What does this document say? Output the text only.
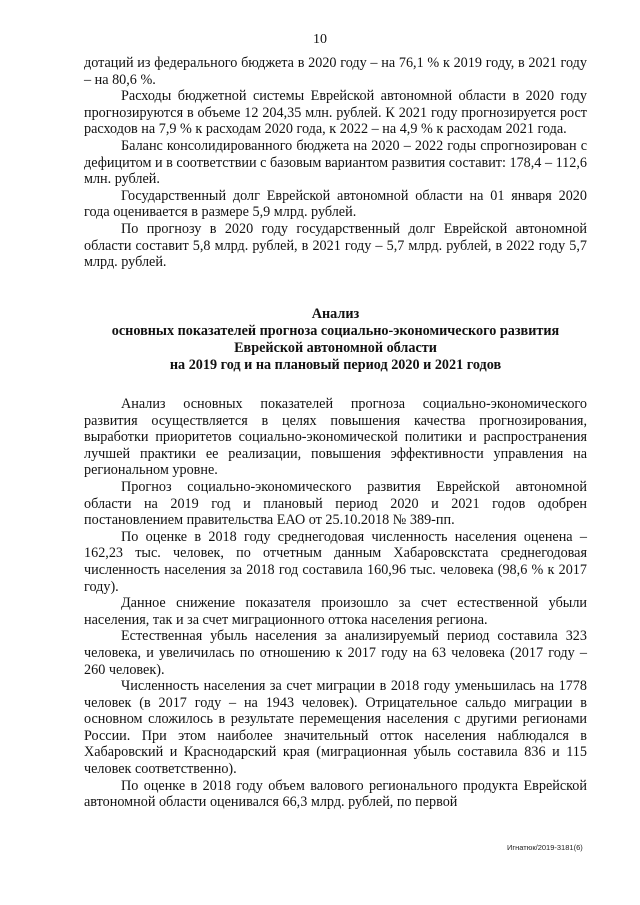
10

дотаций из федерального бюджета в 2020 году – на 76,1 % к 2019 году, в 2021 году – на 80,6 %.

Расходы бюджетной системы Еврейской автономной области в 2020 году прогнозируются в объеме 12 204,35 млн. рублей. К 2021 году прогнозируется рост расходов на 7,9 % к расходам 2020 года, к 2022 – на 4,9 % к расходам 2021 года.

Баланс консолидированного бюджета на 2020 – 2022 годы спрогнозирован с дефицитом и в соответствии с базовым вариантом развития составит: 178,4 – 112,6 млн. рублей.

Государственный долг Еврейской автономной области на 01 января 2020 года оценивается в размере 5,9 млрд. рублей.

По прогнозу в 2020 году государственный долг Еврейской автономной области составит 5,8 млрд. рублей, в 2021 году – 5,7 млрд. рублей, в 2022 году 5,7 млрд. рублей.

Анализ
основных показателей прогноза социально-экономического развития
Еврейской автономной области
на 2019 год и на плановый период 2020 и 2021 годов

Анализ основных показателей прогноза социально-экономического развития осуществляется в целях повышения качества прогнозирования, выработки приоритетов социально-экономической политики и распространения лучшей практики ее реализации, повышения эффективности управления на региональном уровне.

Прогноз социально-экономического развития Еврейской автономной области на 2019 год и плановый период 2020 и 2021 годов одобрен постановлением правительства ЕАО от 25.10.2018 № 389-пп.

По оценке в 2018 году среднегодовая численность населения оценена – 162,23 тыс. человек, по отчетным данным Хабаровскстата среднегодовая численность населения за 2018 год составила 160,96 тыс. человека (98,6 % к 2017 году).

Данное снижение показателя произошло за счет естественной убыли населения, так и за счет миграционного оттока населения региона.

Естественная убыль населения за анализируемый период составила 323 человека, и увеличилась по отношению к 2017 году на 63 человека (2017 году – 260 человек).

Численность населения за счет миграции в 2018 году уменьшилась на 1778 человек (в 2017 году – на 1943 человек). Отрицательное сальдо миграции в основном сложилось в результате перемещения населения с другими регионами России. При этом наиболее значительный отток населения наблюдался в Хабаровский и Краснодарский края (миграционная убыль составила 836 и 115 человек соответственно).

По оценке в 2018 году объем валового регионального продукта Еврейской автономной области оценивался 66,3 млрд. рублей, по первой

Игнатюк/2019-3181(6)
